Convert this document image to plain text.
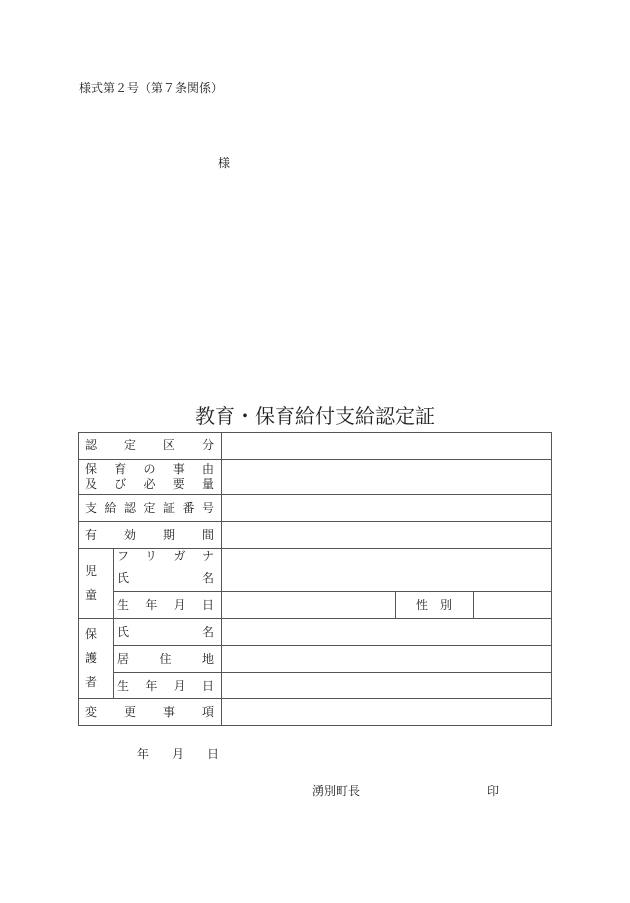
様式第２号（第７条関係）
様
教育・保育給付支給認定証
認定区分
保育の事由
及び必要量
支給認定証番号
有効期間
児
童
フリガナ
氏名
生年月日	性別
保
護
者
氏名
居住地
生年月日
変更事項
年 月 日
湧別町長	印
